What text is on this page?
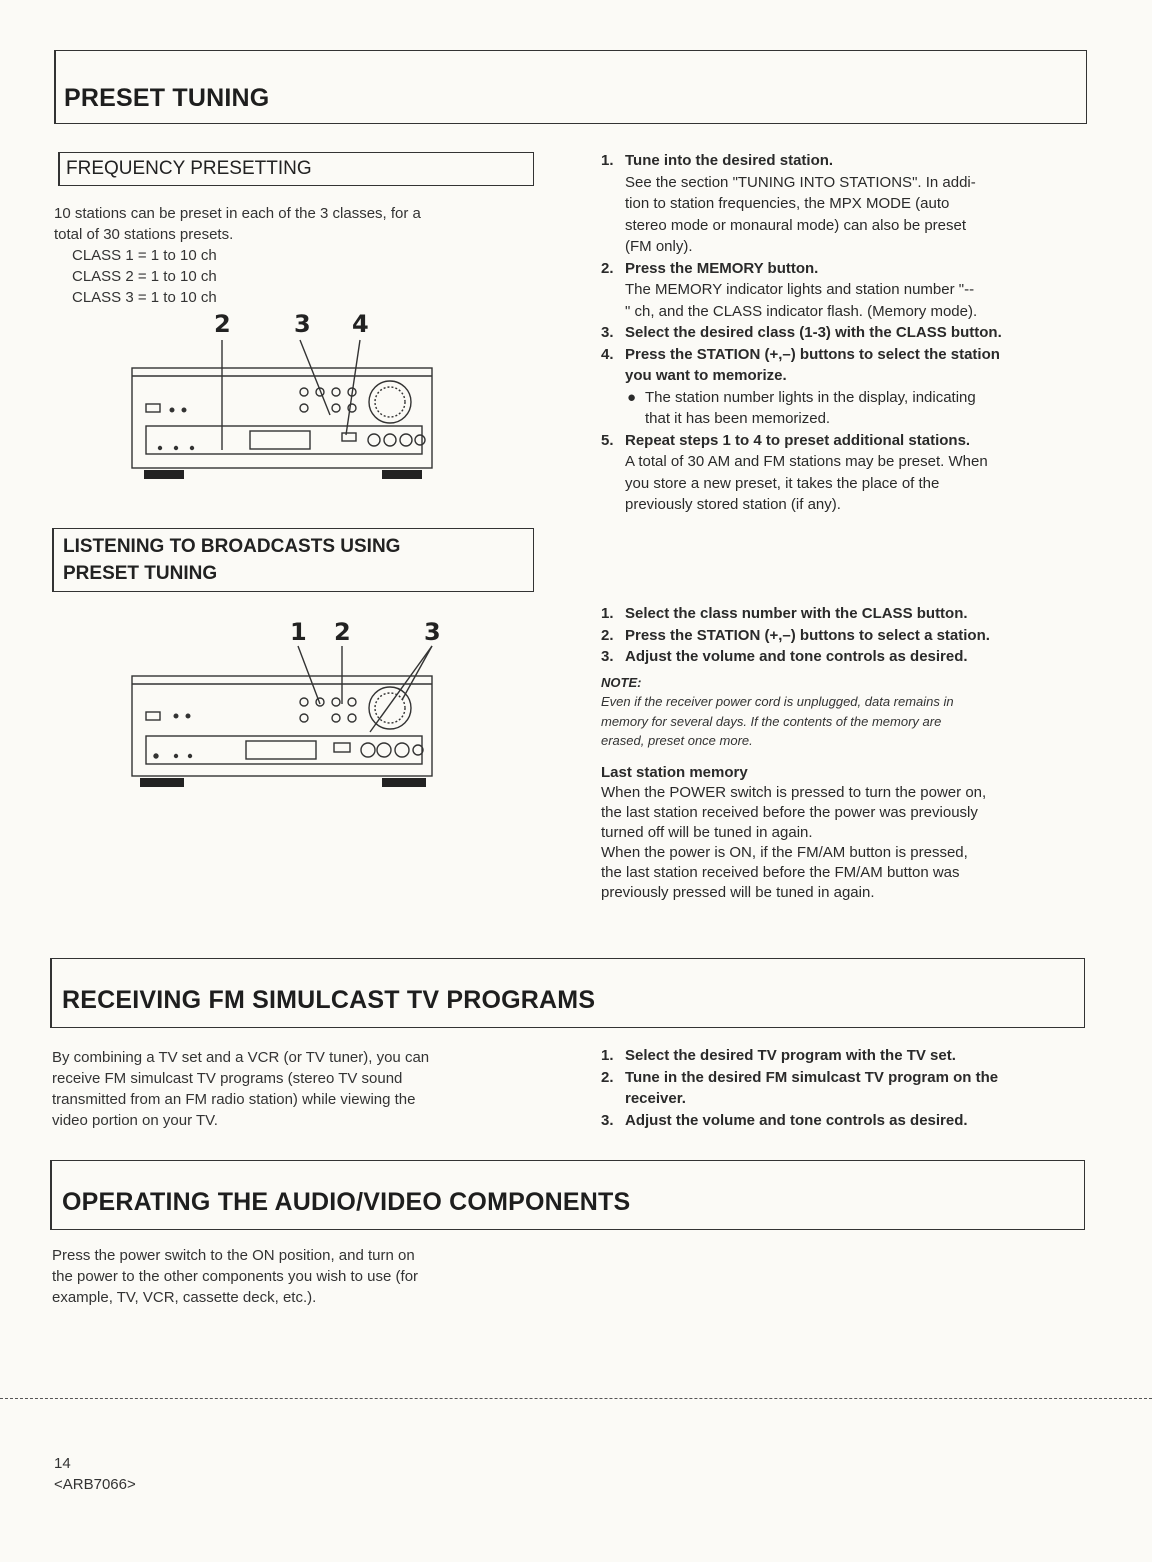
PRESET TUNING
FREQUENCY PRESETTING
10 stations can be preset in each of the 3 classes, for a
total of 30 stations presets.
CLASS 1 = 1 to 10 ch
CLASS 2 = 1 to 10 ch
CLASS 3 = 1 to 10 ch
2	3 4
1. Tune into the desired station.
See the section "TUNING INTO STATIONS". In addi-
tion to station frequencies, the MPX MODE (auto
stereo mode or monaural mode) can also be preset
(FM only).
2. Press the MEMORY button.
The MEMORY indicator lights and station number "--
" ch, and the CLASS indicator flash. (Memory mode).
3. Select the desired class (1-3) with the CLASS button.
4. Press the STATION (+,–) buttons to select the station
you want to memorize.
● The station number lights in the display, indicating
that it has been memorized.
5. Repeat steps 1 to 4 to preset additional stations.
A total of 30 AM and FM stations may be preset. When
you store a new preset, it takes the place of the
previously stored station (if any).
LISTENING TO BROADCASTS USING
PRESET TUNING
1 2	3
1. Select the class number with the CLASS button.
2. Press the STATION (+,–) buttons to select a station.
3. Adjust the volume and tone controls as desired.
NOTE:
Even if the receiver power cord is unplugged, data remains in
memory for several days. If the contents of the memory are
erased, preset once more.
Last station memory
When the POWER switch is pressed to turn the power on,
the last station received before the power was previously
turned off will be tuned in again.
When the power is ON, if the FM/AM button is pressed,
the last station received before the FM/AM button was
previously pressed will be tuned in again.
RECEIVING FM SIMULCAST TV PROGRAMS
By combining a TV set and a VCR (or TV tuner), you can
receive FM simulcast TV programs (stereo TV sound
transmitted from an FM radio station) while viewing the
video portion on your TV.
1. Select the desired TV program with the TV set.
2. Tune in the desired FM simulcast TV program on the
receiver.
3. Adjust the volume and tone controls as desired.
OPERATING THE AUDIO/VIDEO COMPONENTS
Press the power switch to the ON position, and turn on
the power to the other components you wish to use (for
example, TV, VCR, cassette deck, etc.).
14
<ARB7066>
